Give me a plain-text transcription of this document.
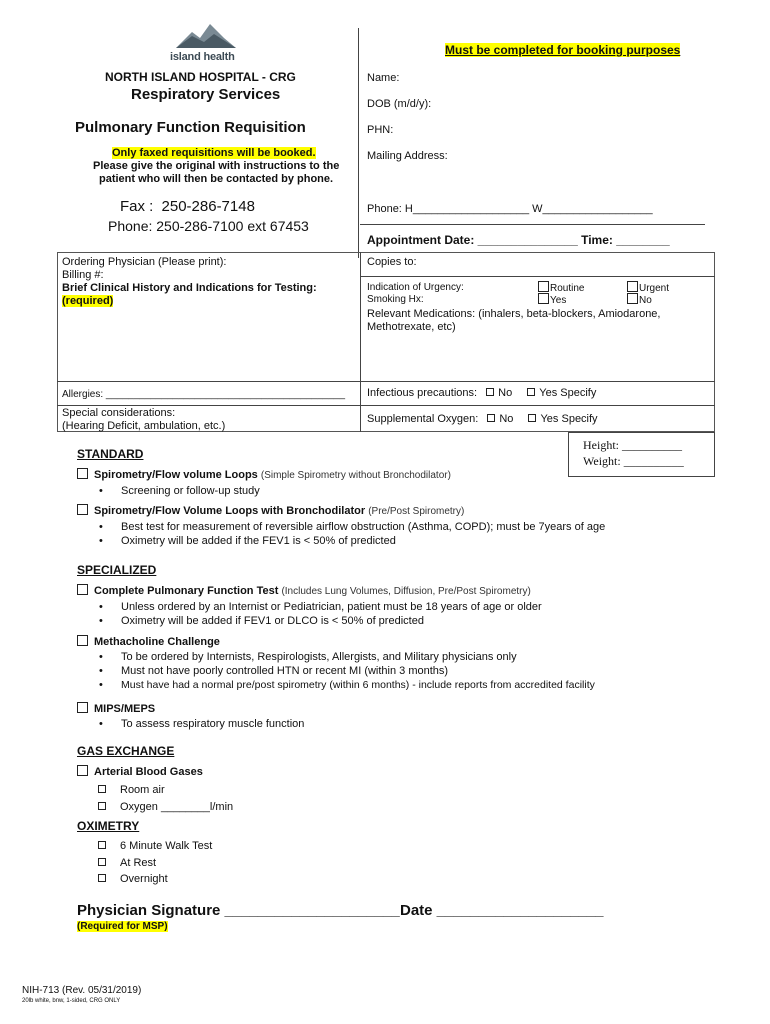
island health
NORTH ISLAND HOSPITAL - CRG
Respiratory Services
Pulmonary Function Requisition
Only faxed requisitions will be booked.
Please give the original with instructions to the
patient who will then be contacted by phone.
Fax : 250-286-7148
Phone: 250-286-7100 ext 67453
Must be completed for booking purposes
Name:
DOB (m/d/y):
PHN:
Mailing Address:
Phone: H___________________ W__________________
Appointment Date: _______________ Time: ________
Ordering Physician (Please print):
Billing #:
Brief Clinical History and Indications for Testing:
(required)
Allergies: ___________________________________________
Special considerations:
(Hearing Deficit, ambulation, etc.)
Copies to:
Indication of Urgency:	Routine	Urgent
Smoking Hx:	Yes	No
Relevant Medications: (inhalers, beta-blockers, Amiodarone,
Methotrexate, etc)
Infectious precautions: No Yes Specify
Supplemental Oxygen: No Yes Specify
Height: __________
Weight: __________
STANDARD
Spirometry/Flow volume Loops (Simple Spirometry without Bronchodilator)
• Screening or follow-up study
Spirometry/Flow Volume Loops with Bronchodilator (Pre/Post Spirometry)
• Best test for measurement of reversible airflow obstruction (Asthma, COPD); must be 7years of age
• Oximetry will be added if the FEV1 is < 50% of predicted
SPECIALIZED
Complete Pulmonary Function Test (Includes Lung Volumes, Diffusion, Pre/Post Spirometry)
• Unless ordered by an Internist or Pediatrician, patient must be 18 years of age or older
• Oximetry will be added if FEV1 or DLCO is < 50% of predicted
Methacholine Challenge
• To be ordered by Internists, Respirologists, Allergists, and Military physicians only
• Must not have poorly controlled HTN or recent MI (within 3 months)
• Must have had a normal pre/post spirometry (within 6 months) - include reports from accredited facility
MIPS/MEPS
• To assess respiratory muscle function
GAS EXCHANGE
Arterial Blood Gases
Room air
Oxygen ________l/min
OXIMETRY
6 Minute Walk Test
At Rest
Overnight
Physician Signature _____________________ Date ____________________
(Required for MSP)
NIH-713 (Rev. 05/31/2019)
20lb white, bnw, 1-sided, CRG ONLY
